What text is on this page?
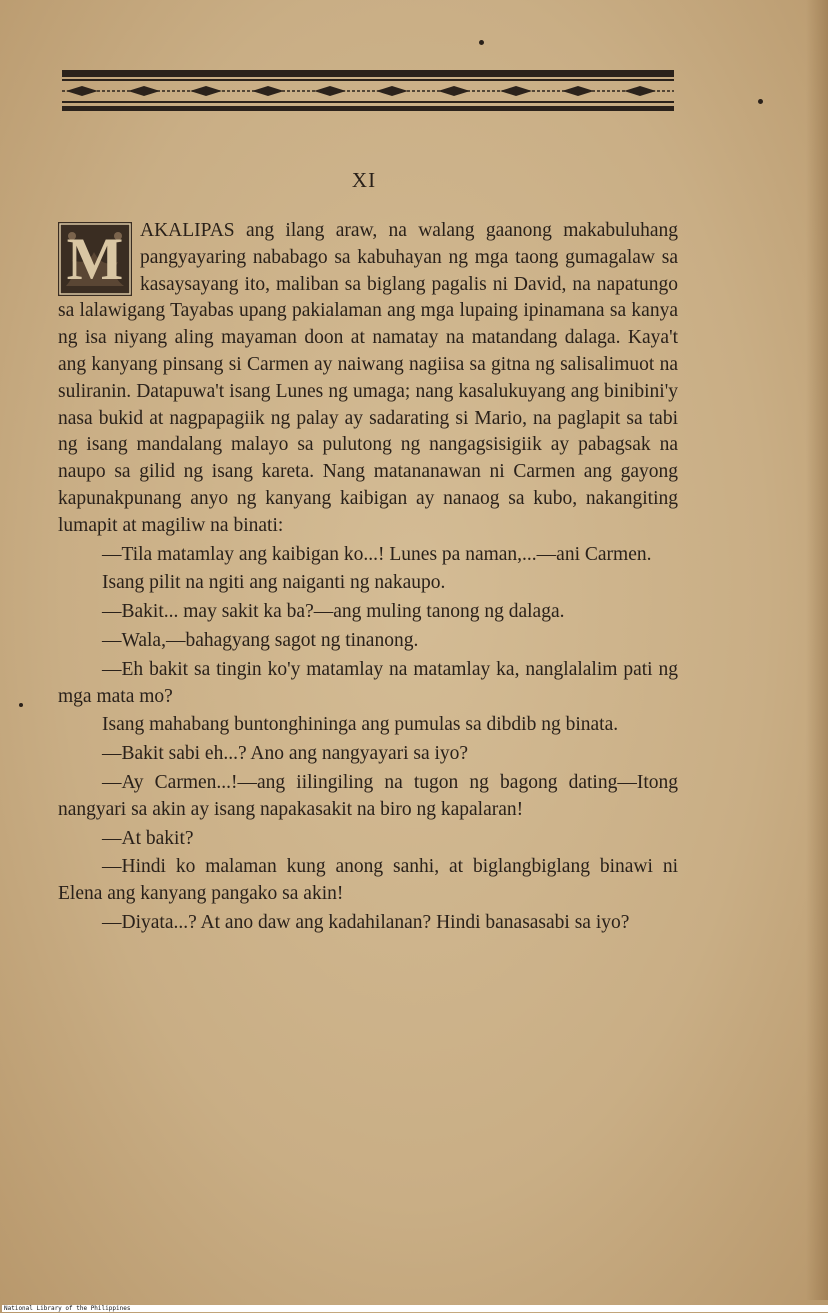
XI
M AKALIPAS ang ilang araw, na walang gaanong makabuluhang pangyayaring nababago sa kabuhayan ng mga taong gumagalaw sa kasaysayang ito, maliban sa biglang pagalis ni David, na napatungo sa lalawigang Tayabas upang pakialaman ang mga lupaing ipinamana sa kanya ng isa niyang aling mayaman doon at namatay na matandang dalaga. Kaya't ang kanyang pinsang si Carmen ay naiwang nagiisa sa gitna ng salisalimuot na suliranin. Datapuwa't isang Lunes ng umaga; nang kasalukuyang ang binibini'y nasa bukid at nagpapagiik ng palay ay sadarating si Mario, na paglapit sa tabi ng isang mandalang malayo sa pulutong ng nangagsisigiik ay pabagsak na naupo sa gilid ng isang kareta. Nang matananawan ni Carmen ang gayong kapunakpunang anyo ng kanyang kaibigan ay nanaog sa kubo, nakangiting lumapit at magiliw na binati:

—Tila matamlay ang kaibigan ko...! Lunes pa naman,...—ani Carmen.

Isang pilit na ngiti ang naiganti ng nakaupo.

—Bakit... may sakit ka ba?—ang muling tanong ng dalaga.

—Wala,—bahagyang sagot ng tinanong.

—Eh bakit sa tingin ko'y matamlay na matamlay ka, nanglalalim pati ng mga mata mo?

Isang mahabang buntonghininga ang pumulas sa dibdib ng binata.

—Bakit sabi eh...? Ano ang nangyayari sa iyo?

—Ay Carmen...!—ang iilingiling na tugon ng bagong dating—Itong nangyari sa akin ay isang napakasakit na biro ng kapalaran!

—At bakit?

—Hindi ko malaman kung anong sanhi, at biglangbiglang binawi ni Elena ang kanyang pangako sa akin!

—Diyata...? At ano daw ang kadahilanan? Hindi banasasabi sa iyo?

National Library of the Philippines
